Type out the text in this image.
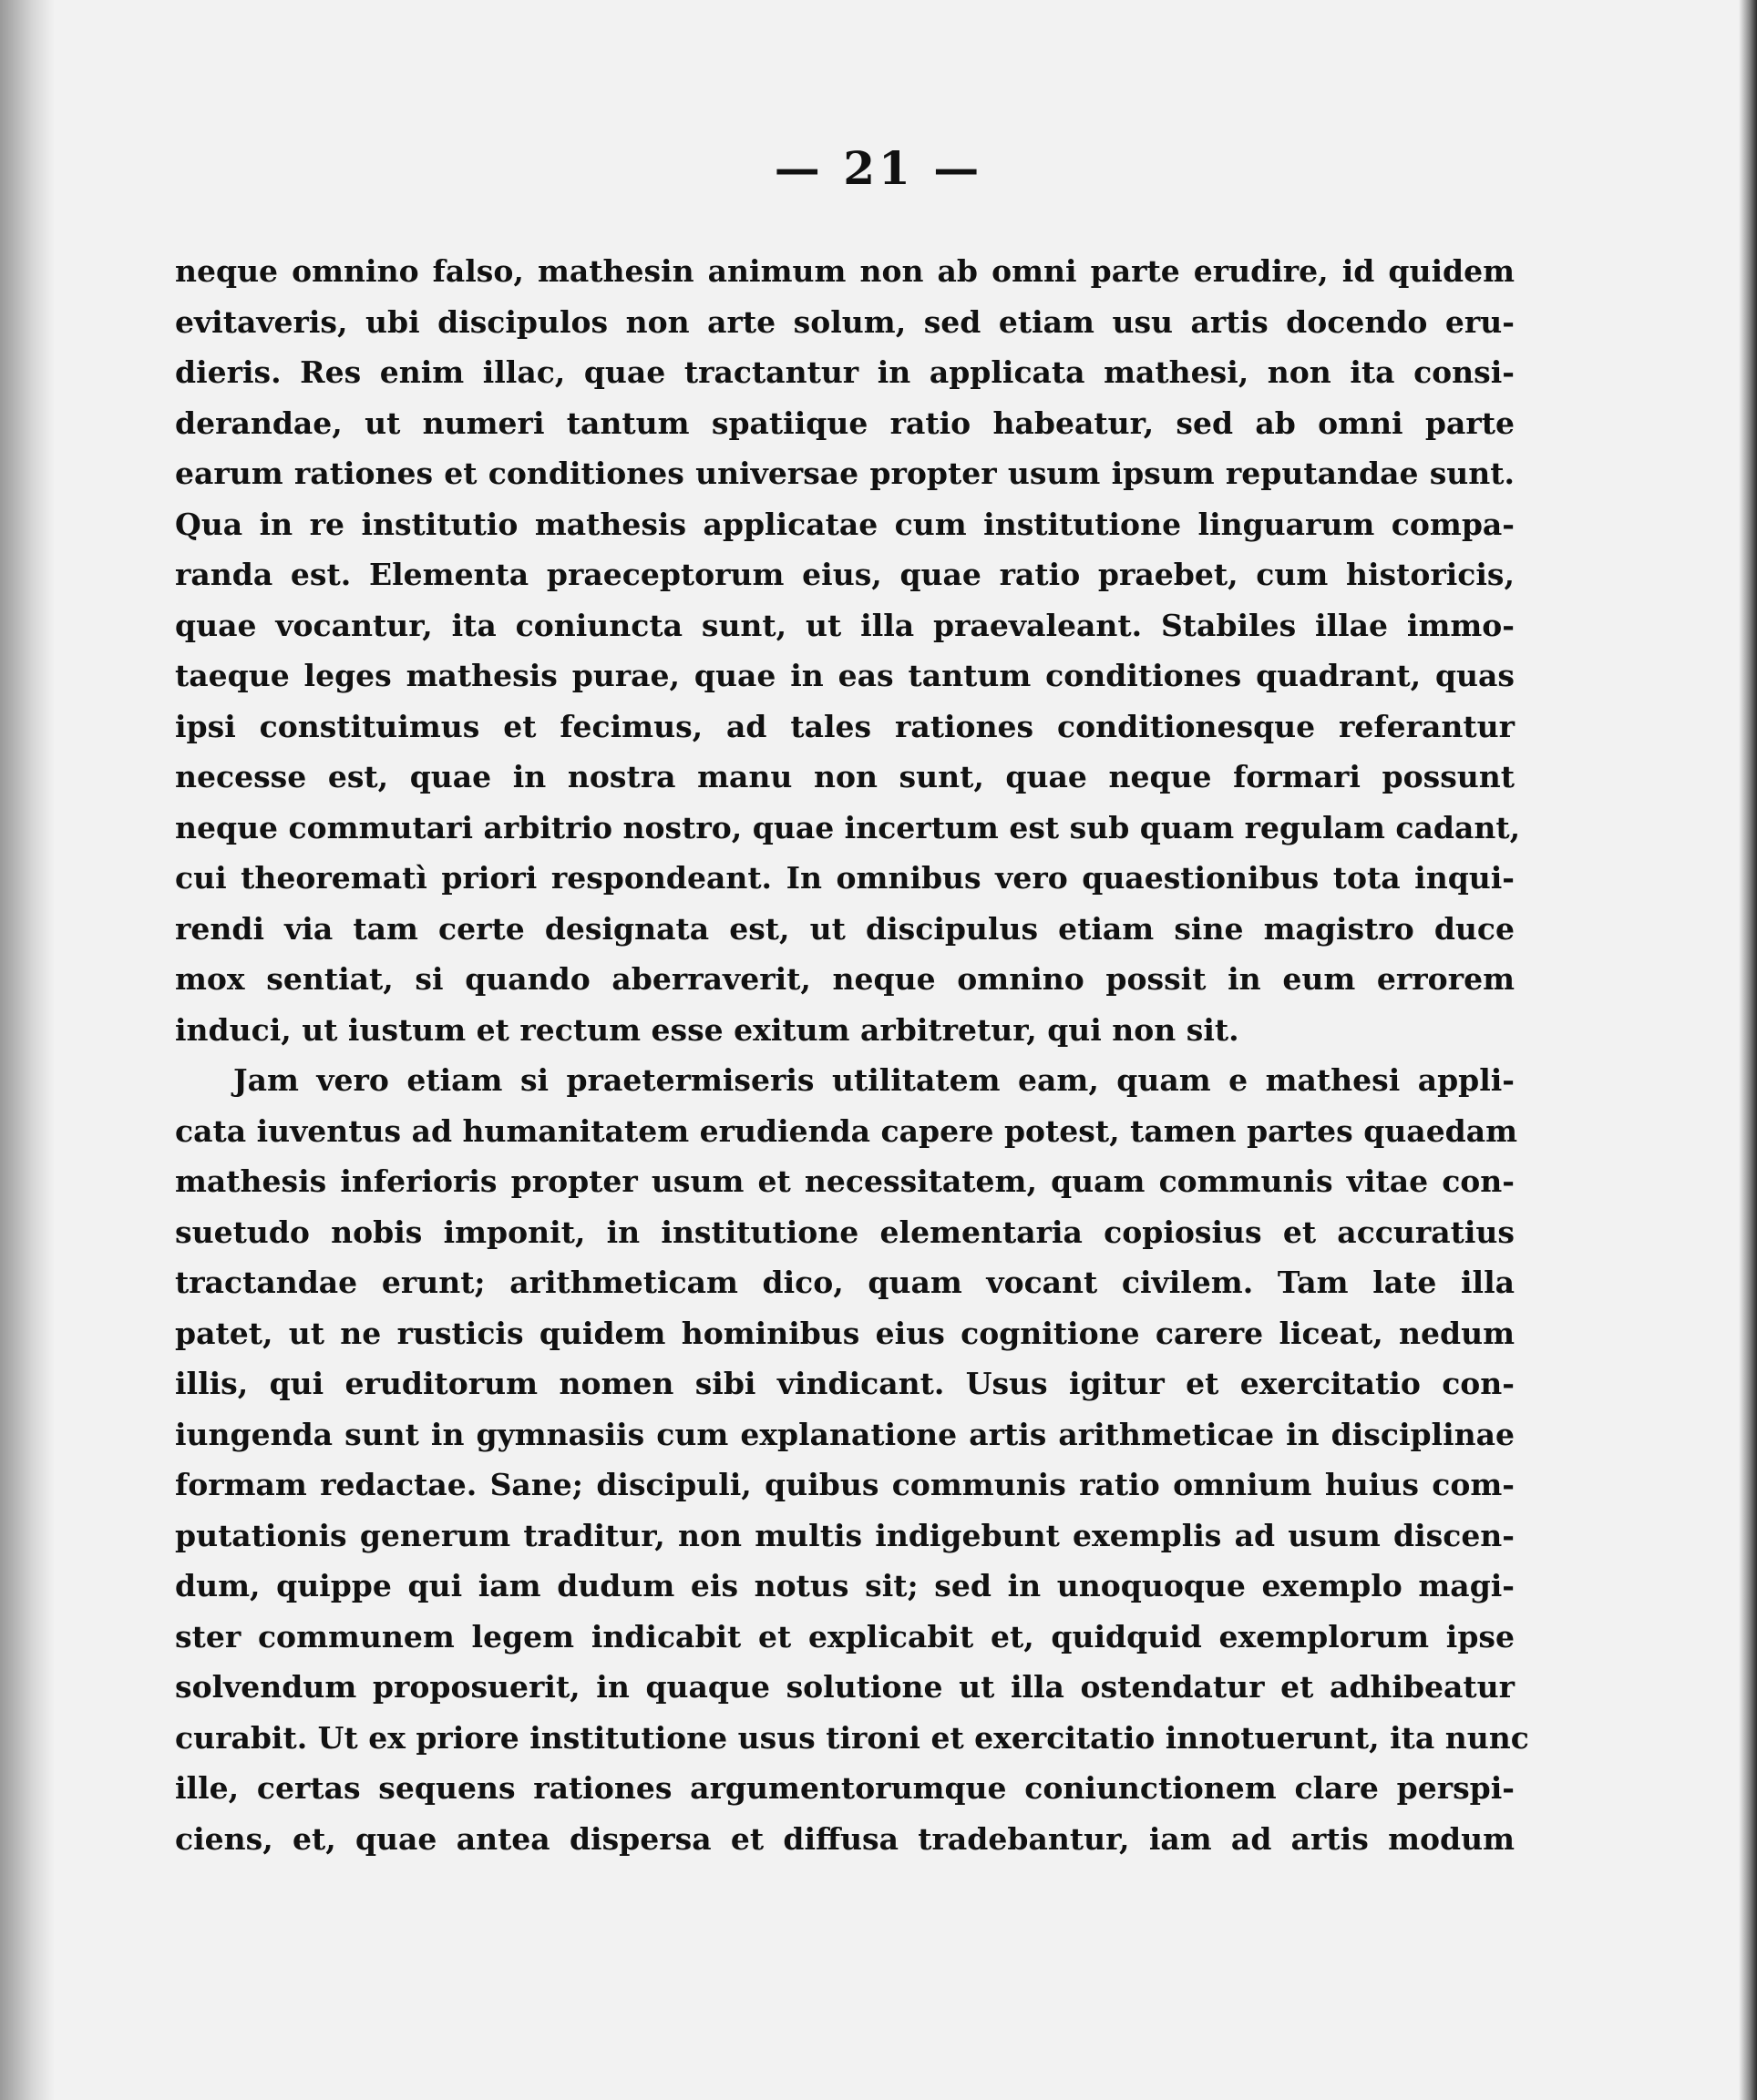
— 21 —
neque omnino falso, mathesin animum non ab omni parte erudire, id quidem
evitaveris, ubi discipulos non arte solum, sed etiam usu artis docendo eru-
dieris. Res enim illac, quae tractantur in applicata mathesi, non ita consi-
derandae, ut numeri tantum spatiique ratio habeatur, sed ab omni parte
earum rationes et conditiones universae propter usum ipsum reputandae sunt.
Qua in re institutio mathesis applicatae cum institutione linguarum compa-
randa est. Elementa praeceptorum eius, quae ratio praebet, cum historicis,
quae vocantur, ita coniuncta sunt, ut illa praevaleant. Stabiles illae immo-
taeque leges mathesis purae, quae in eas tantum conditiones quadrant, quas
ipsi constituimus et fecimus, ad tales rationes conditionesque referantur
necesse est, quae in nostra manu non sunt, quae neque formari possunt
neque commutari arbitrio nostro, quae incertum est sub quam regulam cadant,
cui theorematì priori respondeant. In omnibus vero quaestionibus tota inqui-
rendi via tam certe designata est, ut discipulus etiam sine magistro duce
mox sentiat, si quando aberraverit, neque omnino possit in eum errorem
induci, ut iustum et rectum esse exitum arbitretur, qui non sit.
Jam vero etiam si praetermiseris utilitatem eam, quam e mathesi appli-
cata iuventus ad humanitatem erudienda capere potest, tamen partes quaedam
mathesis inferioris propter usum et necessitatem, quam communis vitae con-
suetudo nobis imponit, in institutione elementaria copiosius et accuratius
tractandae erunt; arithmeticam dico, quam vocant civilem. Tam late illa
patet, ut ne rusticis quidem hominibus eius cognitione carere liceat, nedum
illis, qui eruditorum nomen sibi vindicant. Usus igitur et exercitatio con-
iungenda sunt in gymnasiis cum explanatione artis arithmeticae in disciplinae
formam redactae. Sane; discipuli, quibus communis ratio omnium huius com-
putationis generum traditur, non multis indigebunt exemplis ad usum discen-
dum, quippe qui iam dudum eis notus sit; sed in unoquoque exemplo magi-
ster communem legem indicabit et explicabit et, quidquid exemplorum ipse
solvendum proposuerit, in quaque solutione ut illa ostendatur et adhibeatur
curabit. Ut ex priore institutione usus tironi et exercitatio innotuerunt, ita nunc
ille, certas sequens rationes argumentorumque coniunctionem clare perspi-
ciens, et, quae antea dispersa et diffusa tradebantur, iam ad artis modum
